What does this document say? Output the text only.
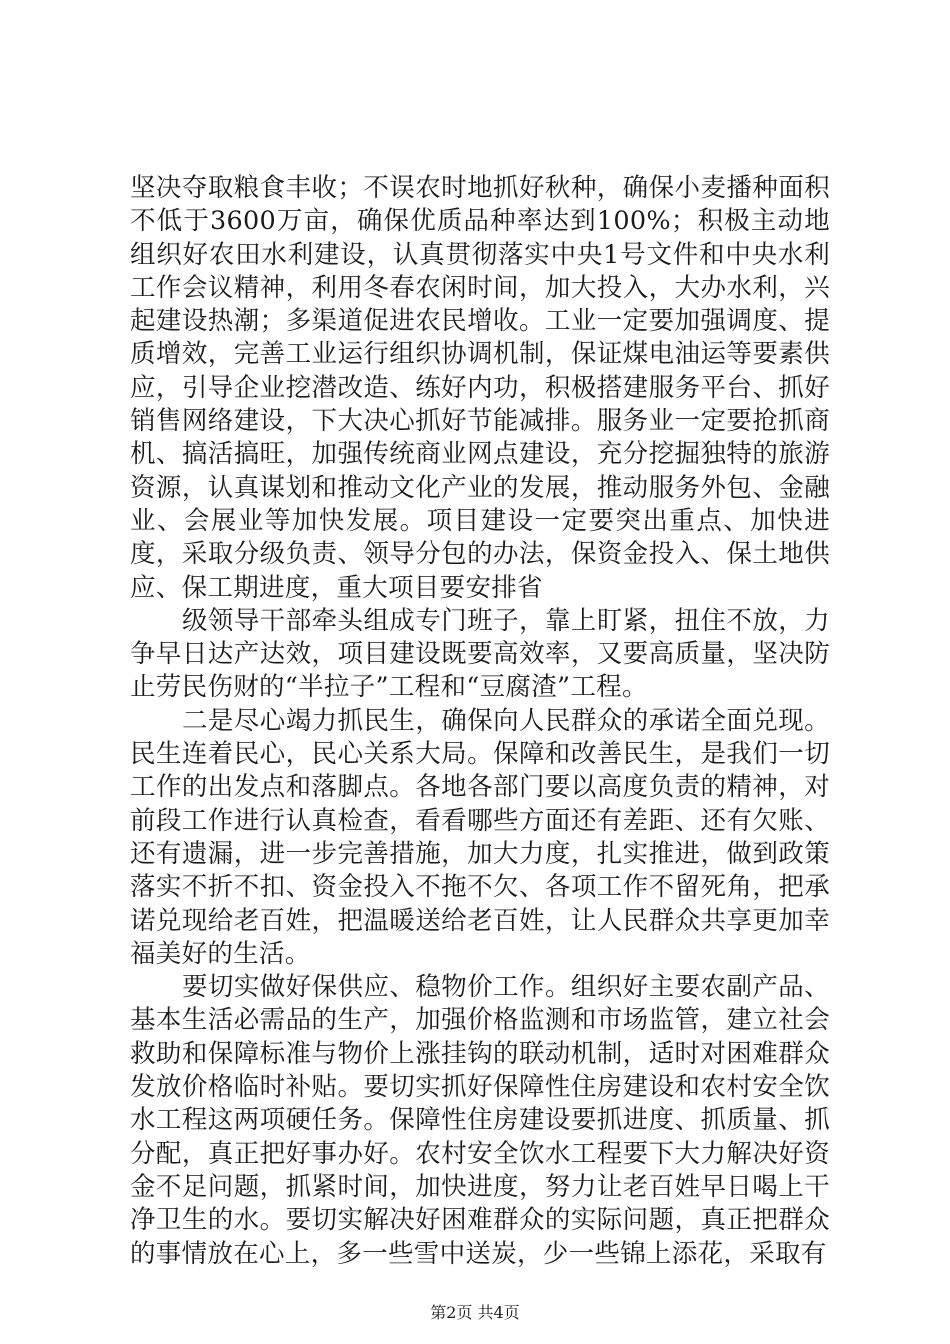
坚决夺取粮食丰收；不误农时地抓好秋种，确保小麦播种面积不低于3600万亩，确保优质品种率达到100%；积极主动地组织好农田水利建设，认真贯彻落实中央1号文件和中央水利工作会议精神，利用冬春农闲时间，加大投入，大办水利，兴起建设热潮；多渠道促进农民增收。工业一定要加强调度、提质增效，完善工业运行组织协调机制，保证煤电油运等要素供应，引导企业挖潜改造、练好内功，积极搭建服务平台、抓好销售网络建设，下大决心抓好节能减排。服务业一定要抢抓商机、搞活搞旺，加强传统商业网点建设，充分挖掘独特的旅游资源，认真谋划和推动文化产业的发展，推动服务外包、金融业、会展业等加快发展。项目建设一定要突出重点、加快进度，采取分级负责、领导分包的办法，保资金投入、保土地供应、保工期进度，重大项目要安排省

级领导干部牵头组成专门班子，靠上盯紧，扭住不放，力争早日达产达效，项目建设既要高效率，又要高质量，坚决防止劳民伤财的“半拉子”工程和“豆腐渣”工程。

二是尽心竭力抓民生，确保向人民群众的承诺全面兑现。民生连着民心，民心关系大局。保障和改善民生，是我们一切工作的出发点和落脚点。各地各部门要以高度负责的精神，对前段工作进行认真检查，看看哪些方面还有差距、还有欠账、还有遗漏，进一步完善措施，加大力度，扎实推进，做到政策落实不折不扣、资金投入不拖不欠、各项工作不留死角，把承诺兑现给老百姓，把温暖送给老百姓，让人民群众共享更加幸福美好的生活。

要切实做好保供应、稳物价工作。组织好主要农副产品、基本生活必需品的生产，加强价格监测和市场监管，建立社会救助和保障标准与物价上涨挂钩的联动机制，适时对困难群众发放价格临时补贴。要切实抓好保障性住房建设和农村安全饮水工程这两项硬任务。保障性住房建设要抓进度、抓质量、抓分配，真正把好事办好。农村安全饮水工程要下大力解决好资金不足问题，抓紧时间，加快进度，努力让老百姓早日喝上干净卫生的水。要切实解决好困难群众的实际问题，真正把群众的事情放在心上，多一些雪中送炭，少一些锦上添花，采取有

第2页 共4页
